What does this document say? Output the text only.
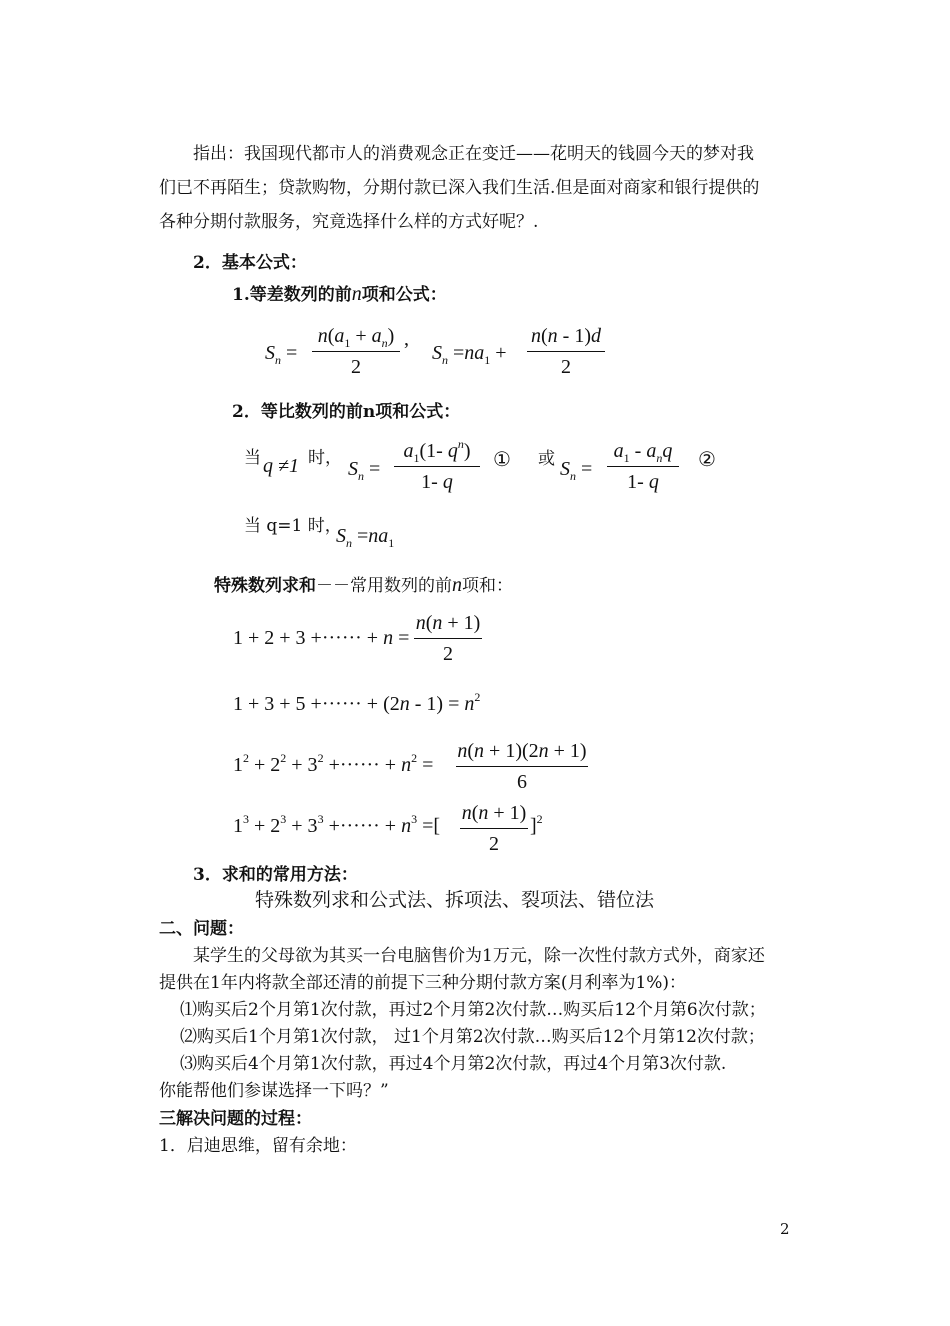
指出：我国现代都市人的消费观念正在变迁——花明天的钱圆今天的梦对我
们已不再陌生；贷款购物，分期付款已深入我们生活.但是面对商家和银行提供的
各种分期付款服务，究竟选择什么样的方式好呢？.
2．基本公式：
1.等差数列的前n项和公式：
$S_n$ =
$n(a_1 + a_n)$
2
,
$S_n =na_1$ +
n(n - 1)d
2
2．等比数列的前n项和公式：
当 q ≠1 时， $S_n$ =
$a_1(1-$ $q^n$)
1- q
① 或 $S_n$ =
$a_1 - a_nq$
1- q
②
当 q=1 时，
$S_n =na_1$
特殊数列求和－－常用数列的前n项和：
1 + 2 + 3 +······ + n =
n(n + 1)
2
1 + 3 + 5 +······ + $(2n - 1) = n^2$
$1^2 + 2^2 + 3^2$ +······ + $n^2$ =
n(n + 1)(2n + 1)
6
$1^3 + 2^3 + 3^3$ +······ + $n^3$ =[
n(n + 1)
2
]$^2$
3．求和的常用方法：
特殊数列求和公式法、拆项法、裂项法、错位法
二、问题：
某学生的父母欲为其买一台电脑售价为1万元，除一次性付款方式外，商家还
提供在1年内将款全部还清的前提下三种分期付款方案(月利率为1%)：
⑴购买后2个月第1次付款，再过2个月第2次付款…购买后12个月第6次付款；
⑵购买后1个月第1次付款， 过1个月第2次付款…购买后12个月第12次付款；
⑶购买后4个月第1次付款，再过4个月第2次付款，再过4个月第3次付款.
你能帮他们参谋选择一下吗？”
三解决问题的过程：
1．启迪思维，留有余地：
2
